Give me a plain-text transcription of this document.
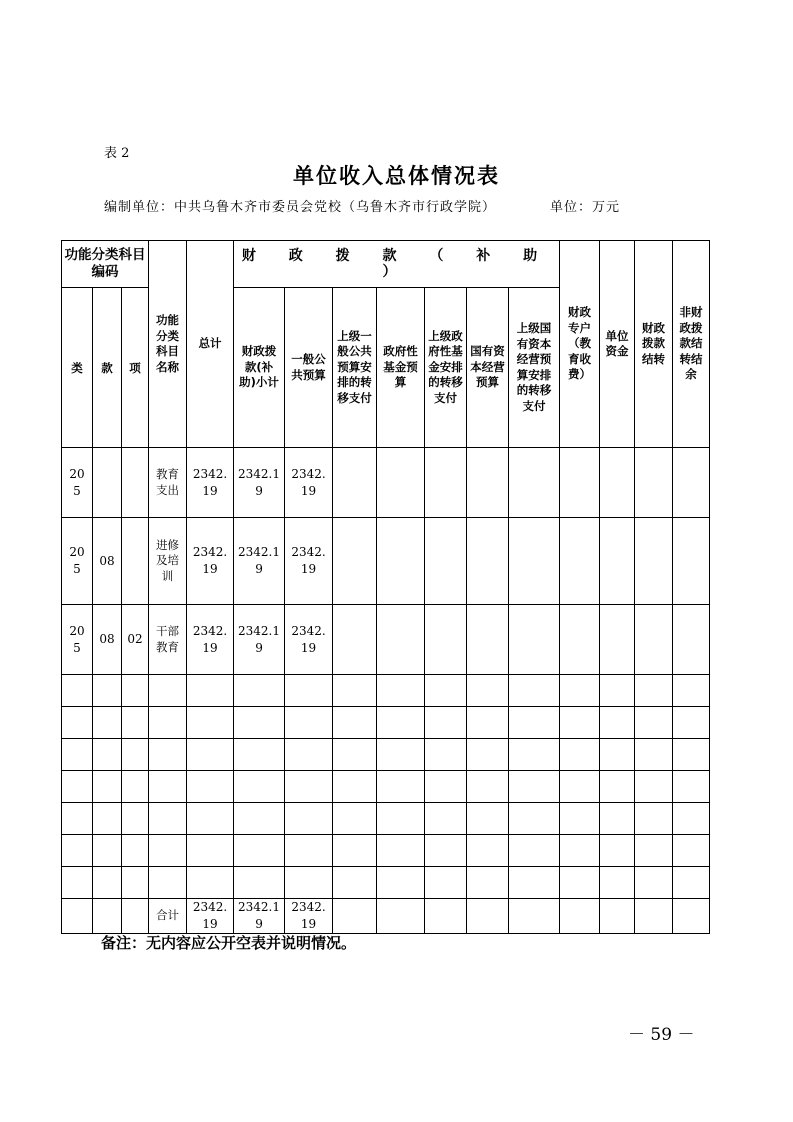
表 2
单位收入总体情况表
编制单位：中共乌鲁木齐市委员会党校（乌鲁木齐市行政学院）	单位：万元
功能分类科目编码			功能分类科目名称	总计	财 政 拨 款 （ 补 助 ）							财政专户（教育收费）	单位资金	财政拨款结转	非财政拨款结转结余
类	款	项			财政拨款(补助)小计	一般公共预算	上级一般公共预算安排的转移支付	政府性基金预算	上级政府性基金安排的转移支付	国有资本经营预算	上级国有资本经营预算安排的转移支付				
205			教育支出	2342.19	2342.19	2342.19									
205	08		进修及培训	2342.19	2342.19	2342.19									
205	08	02	干部教育	2342.19	2342.19	2342.19									

			合计	2342.19	2342.19	2342.19									
备注：无内容应公开空表并说明情况。
－ 59 －
